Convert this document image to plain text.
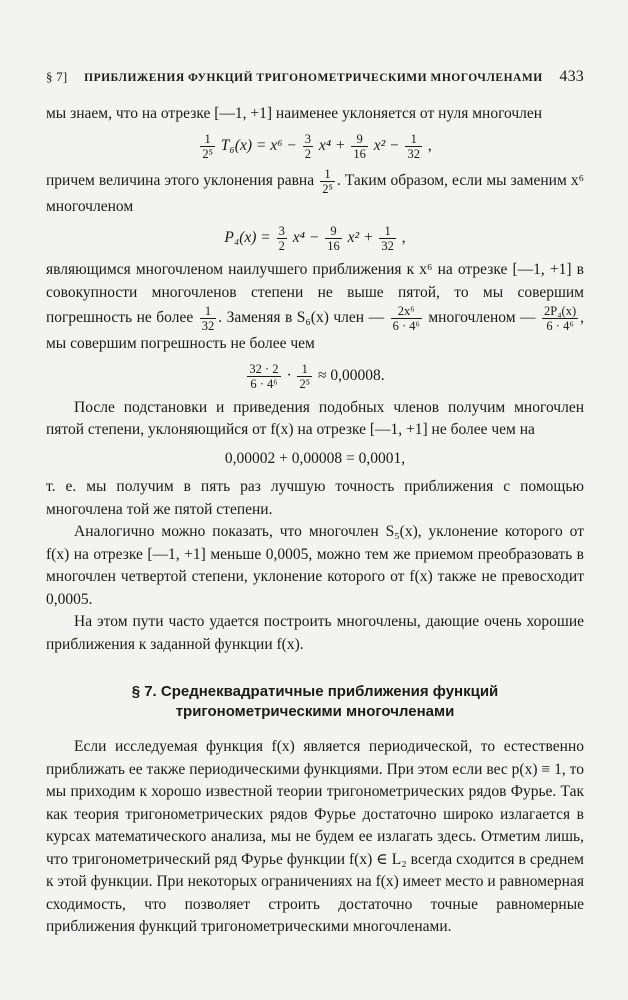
§ 7] ПРИБЛИЖЕНИЯ ФУНКЦИЙ ТРИГОНОМЕТРИЧЕСКИМИ МНОГОЧЛЕНАМИ 433

мы знаем, что на отрезке [—1, +1] наименее уклоняется от нуля многочлен

$\frac{1}{\text{2⁵}} T_6(x) = x^6 - \frac{3}{2} x^4 + \frac{9}{16} x^2 - \frac{1}{32}$ ,

причем величина этого уклонения равна $\frac{1}{\text{2⁵}}$ . Таким образом, если мы заменим x⁶ многочленом

$P_4(x) = \frac{3}{2} x^4 - \frac{9}{16} x^2 + \frac{1}{32}$ ,

являющимся многочленом наилучшего приближения к x⁶ на отрезке [—1, +1] в совокупности многочленов степени не выше пятой, то мы совершим погрешность не более $\frac{1}{32}$ . Заменяя в S₆(x) член — $\frac{\text{2x⁶}}{\text{6 · 4⁶}}$ многочленом — $\frac{\text{2P₄(x)}}{\text{6 · 4⁶}}$ , мы совершим погрешность не более чем

$\frac{32 \cdot 2}{\text{6 · 4⁶}} \cdot \frac{1}{\text{2⁵}} \approx 0,00008$.

После подстановки и приведения подобных членов получим многочлен пятой степени, уклоняющийся от f(x) на отрезке [—1, +1] не более чем на

0,00002 + 0,00008 = 0,0001,

т. е. мы получим в пять раз лучшую точность приближения с помощью многочлена той же пятой степени.

Аналогично можно показать, что многочлен S₅(x), уклонение которого от f(x) на отрезке [—1, +1] меньше 0,0005, можно тем же приемом преобразовать в многочлен четвертой степени, уклонение которого от f(x) также не превосходит 0,0005.

На этом пути часто удается построить многочлены, дающие очень хорошие приближения к заданной функции f(x).

§ 7. Среднеквадратичные приближения функций
тригонометрическими многочленами

Если исследуемая функция f(x) является периодической, то естественно приближать ее также периодическими функциями. При этом если вес p(x) ≡ 1, то мы приходим к хорошо известной теории тригонометрических рядов Фурье. Так как теория тригонометрических рядов Фурье достаточно широко излагается в курсах математического анализа, мы не будем ее излагать здесь. Отметим лишь, что тригонометрический ряд Фурье функции f(x) ∈ L₂ всегда сходится в среднем к этой функции. При некоторых ограничениях на f(x) имеет место и равномерная сходимость, что позволяет строить достаточно точные равномерные приближения функций тригонометрическими многочленами.
